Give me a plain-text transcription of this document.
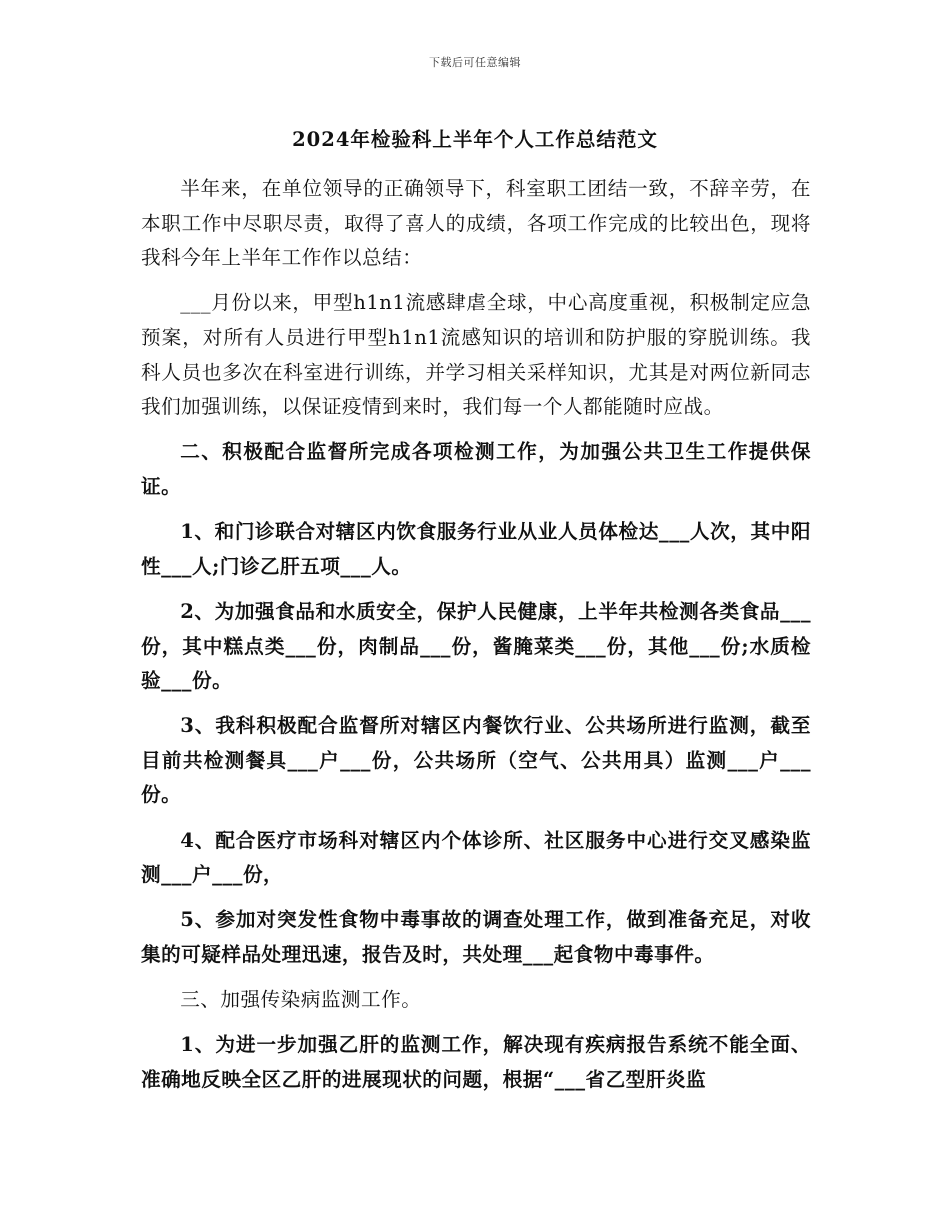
下载后可任意编辑
2024年检验科上半年个人工作总结范文

半年来，在单位领导的正确领导下，科室职工团结一致，不辞辛劳，在本职工作中尽职尽责，取得了喜人的成绩，各项工作完成的比较出色，现将我科今年上半年工作作以总结：

___月份以来，甲型h1n1流感肆虐全球，中心高度重视，积极制定应急预案，对所有人员进行甲型h1n1流感知识的培训和防护服的穿脱训练。我科人员也多次在科室进行训练，并学习相关采样知识，尤其是对两位新同志我们加强训练，以保证疫情到来时，我们每一个人都能随时应战。

二、积极配合监督所完成各项检测工作，为加强公共卫生工作提供保证。

1、和门诊联合对辖区内饮食服务行业从业人员体检达___人次，其中阳性___人;门诊乙肝五项___人。

2、为加强食品和水质安全，保护人民健康，上半年共检测各类食品___份，其中糕点类___份，肉制品___份，酱腌菜类___份，其他___份;水质检验___份。

3、我科积极配合监督所对辖区内餐饮行业、公共场所进行监测，截至目前共检测餐具___户___份，公共场所（空气、公共用具）监测___户___份。

4、配合医疗市场科对辖区内个体诊所、社区服务中心进行交叉感染监测___户___份，

5、参加对突发性食物中毒事故的调查处理工作，做到准备充足，对收集的可疑样品处理迅速，报告及时，共处理___起食物中毒事件。

三、加强传染病监测工作。

1、为进一步加强乙肝的监测工作，解决现有疾病报告系统不能全面、准确地反映全区乙肝的进展现状的问题，根据“___省乙型肝炎监
